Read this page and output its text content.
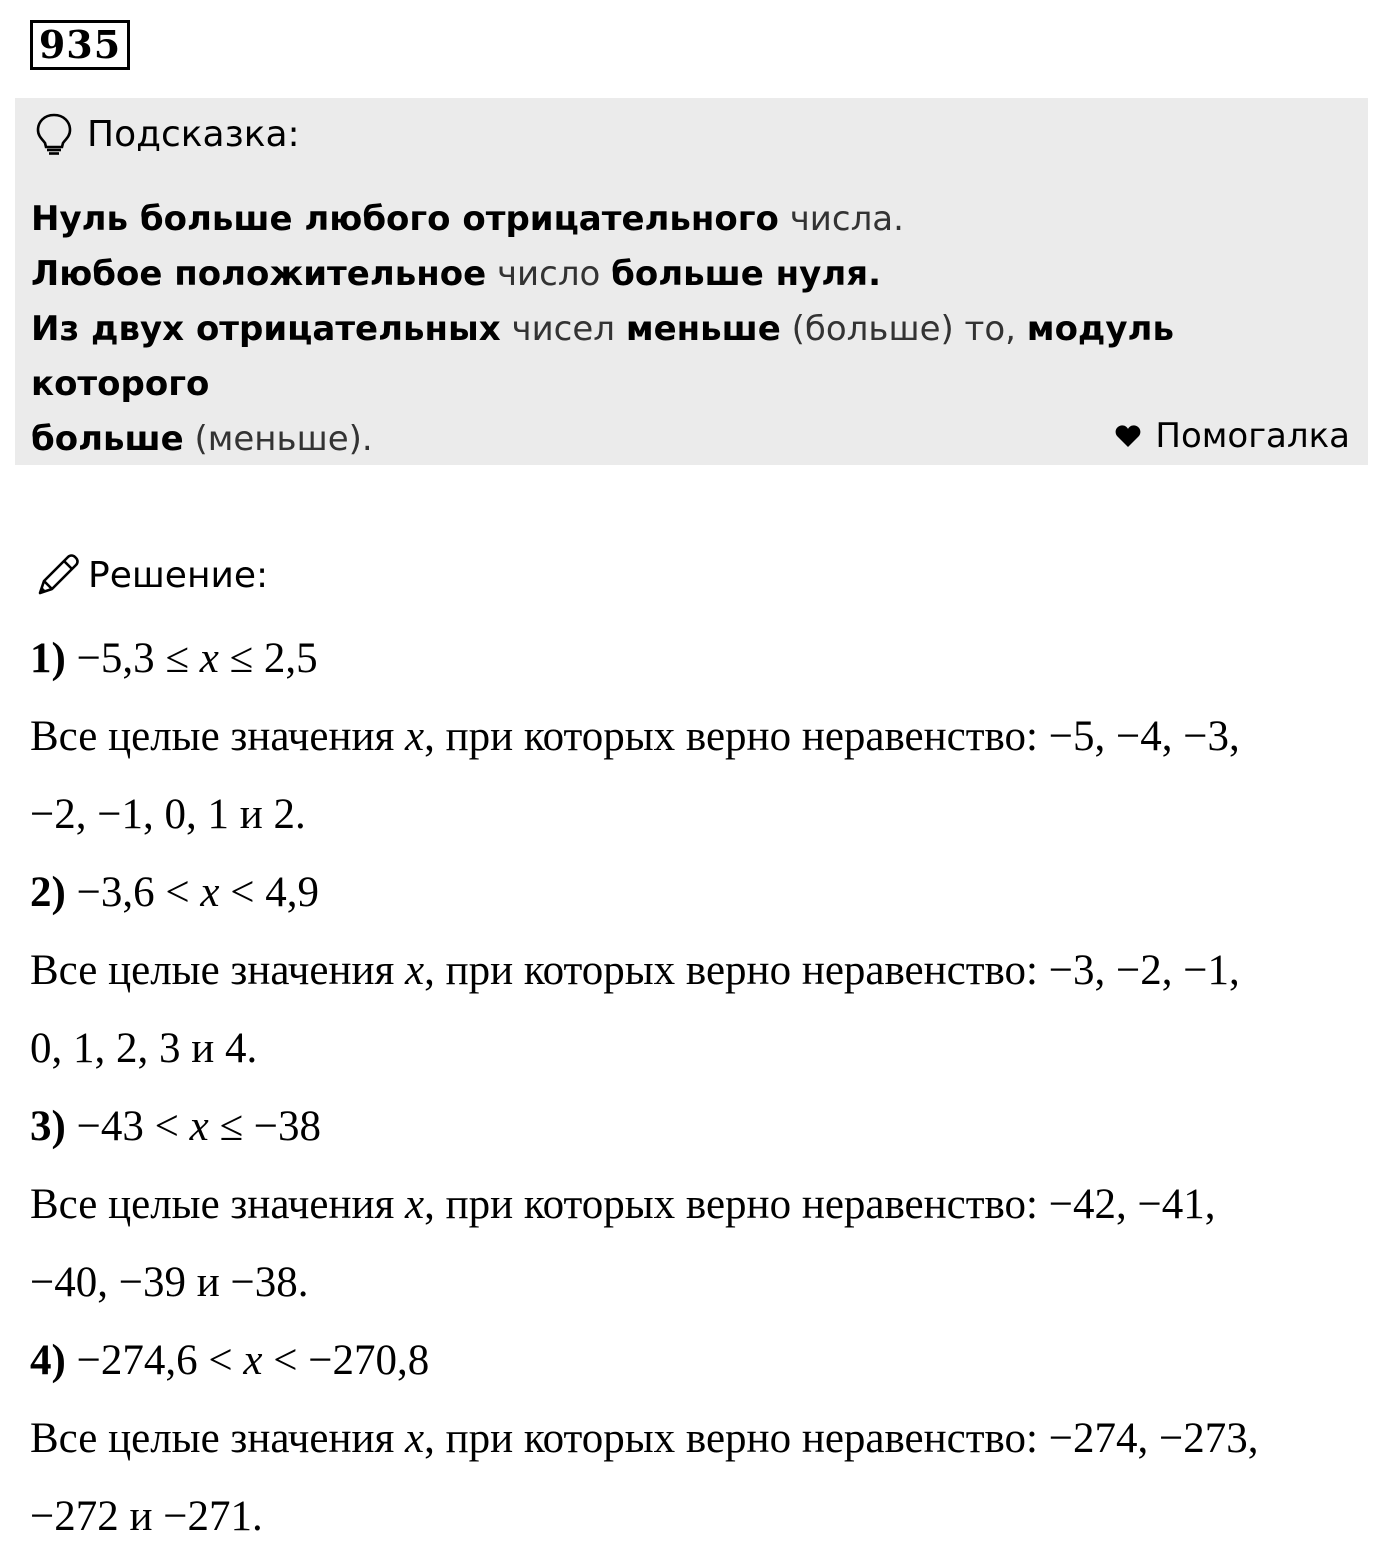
935
Подсказка:

Нуль больше любого отрицательного числа.

Любое положительное число больше нуля.

Из двух отрицательных чисел меньше (больше) то, модуль которого

больше (меньше).	Помогалка
Решение:
1) −5,3 ≤ x ≤ 2,5
Все целые значения x, при которых верно неравенство: −5, −4, −3,
−2, −1, 0, 1 и 2.
2) −3,6 < x < 4,9
Все целые значения x, при которых верно неравенство: −3, −2, −1,
0, 1, 2, 3 и 4.
3) −43 < x ≤ −38
Все целые значения x, при которых верно неравенство: −42, −41,
−40, −39 и −38.
4) −274,6 < x < −270,8
Все целые значения x, при которых верно неравенство: −274, −273,
−272 и −271.
